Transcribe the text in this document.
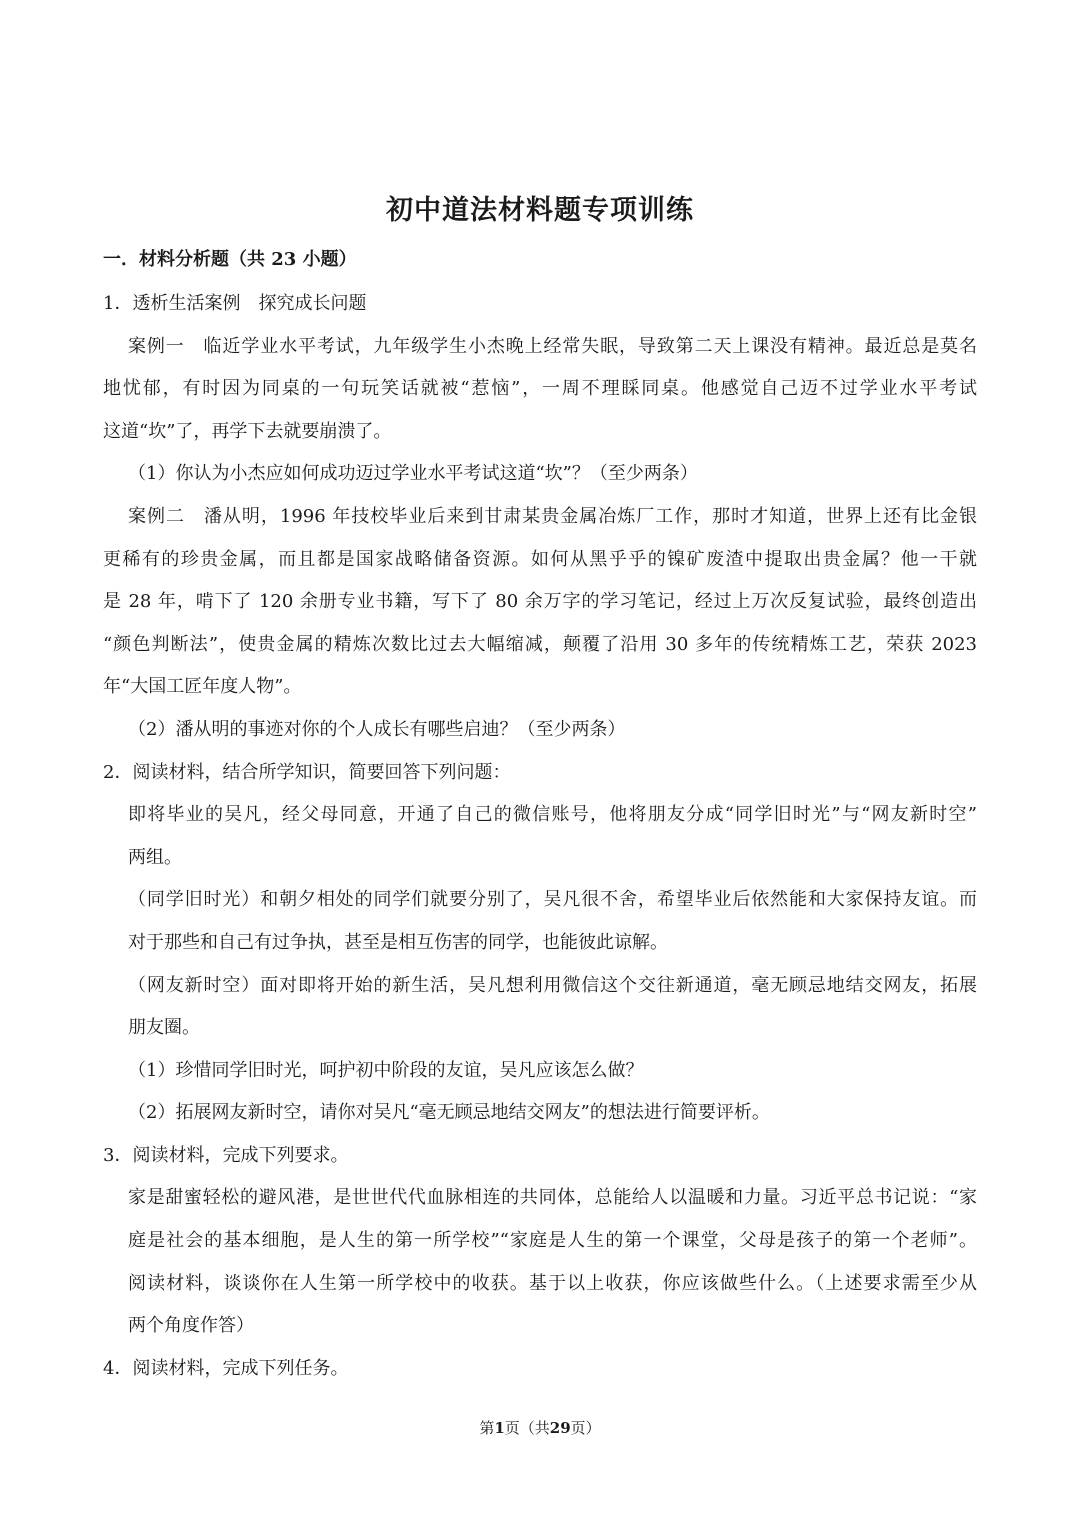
初中道法材料题专项训练
一．材料分析题（共 23 小题）
1．透析生活案例　探究成长问题
案例一　临近学业水平考试，九年级学生小杰晚上经常失眠，导致第二天上课没有精神。最近总是莫名
地忧郁，有时因为同桌的一句玩笑话就被“惹恼”，一周不理睬同桌。他感觉自己迈不过学业水平考试
这道“坎”了，再学下去就要崩溃了。
（1）你认为小杰应如何成功迈过学业水平考试这道“坎”？（至少两条）
案例二　潘从明，1996 年技校毕业后来到甘肃某贵金属冶炼厂工作，那时才知道，世界上还有比金银
更稀有的珍贵金属，而且都是国家战略储备资源。如何从黑乎乎的镍矿废渣中提取出贵金属？他一干就
是 28 年，啃下了 120 余册专业书籍，写下了 80 余万字的学习笔记，经过上万次反复试验，最终创造出
“颜色判断法”，使贵金属的精炼次数比过去大幅缩减，颠覆了沿用 30 多年的传统精炼工艺，荣获 2023
年“大国工匠年度人物”。
（2）潘从明的事迹对你的个人成长有哪些启迪？（至少两条）
2．阅读材料，结合所学知识，简要回答下列问题：
即将毕业的吴凡，经父母同意，开通了自己的微信账号，他将朋友分成“同学旧时光”与“网友新时空”
两组。
（同学旧时光）和朝夕相处的同学们就要分别了，吴凡很不舍，希望毕业后依然能和大家保持友谊。而
对于那些和自己有过争执，甚至是相互伤害的同学，也能彼此谅解。
（网友新时空）面对即将开始的新生活，吴凡想利用微信这个交往新通道，毫无顾忌地结交网友，拓展
朋友圈。
（1）珍惜同学旧时光，呵护初中阶段的友谊，吴凡应该怎么做？
（2）拓展网友新时空，请你对吴凡“毫无顾忌地结交网友”的想法进行简要评析。
3．阅读材料，完成下列要求。
家是甜蜜轻松的避风港，是世世代代血脉相连的共同体，总能给人以温暖和力量。习近平总书记说：“家
庭是社会的基本细胞，是人生的第一所学校”“家庭是人生的第一个课堂，父母是孩子的第一个老师”。
阅读材料，谈谈你在人生第一所学校中的收获。基于以上收获，你应该做些什么。（上述要求需至少从
两个角度作答）
4．阅读材料，完成下列任务。
第1页（共29页）
